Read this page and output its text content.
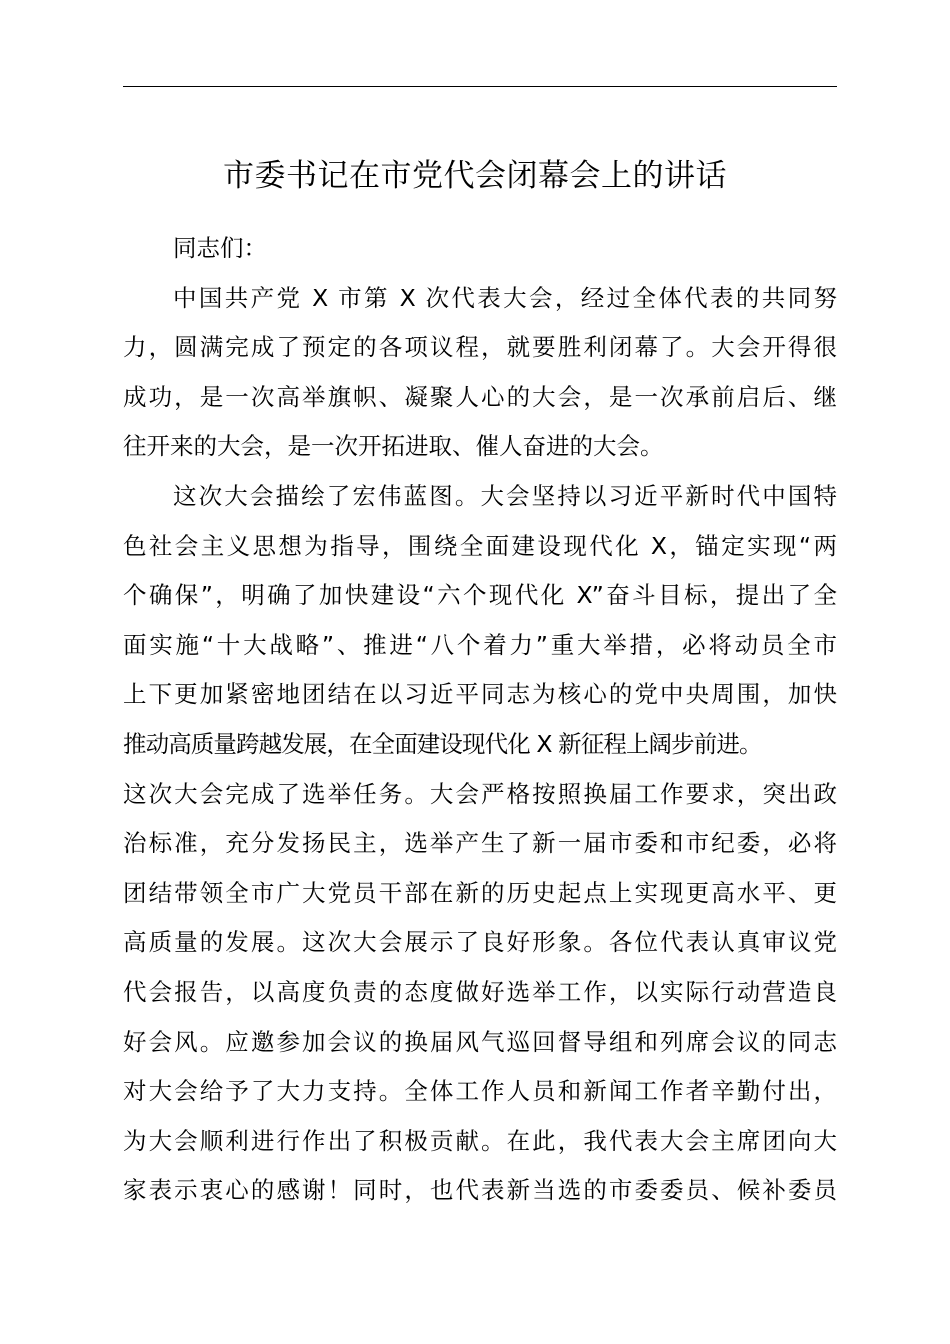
市委书记在市党代会闭幕会上的讲话
同志们：
中国共产党 X 市第 X 次代表大会，经过全体代表的共同努
力，圆满完成了预定的各项议程，就要胜利闭幕了。大会开得很
成功，是一次高举旗帜、凝聚人心的大会，是一次承前启后、继
往开来的大会，是一次开拓进取、催人奋进的大会。
这次大会描绘了宏伟蓝图。大会坚持以习近平新时代中国特
色社会主义思想为指导，围绕全面建设现代化 X，锚定实现“两
个确保”，明确了加快建设“六个现代化 X”奋斗目标，提出了全
面实施“十大战略”、推进“八个着力”重大举措，必将动员全市
上下更加紧密地团结在以习近平同志为核心的党中央周围，加快
推动高质量跨越发展，在全面建设现代化 X 新征程上阔步前进。
这次大会完成了选举任务。大会严格按照换届工作要求，突出政
治标准，充分发扬民主，选举产生了新一届市委和市纪委，必将
团结带领全市广大党员干部在新的历史起点上实现更高水平、更
高质量的发展。这次大会展示了良好形象。各位代表认真审议党
代会报告，以高度负责的态度做好选举工作，以实际行动营造良
好会风。应邀参加会议的换届风气巡回督导组和列席会议的同志
对大会给予了大力支持。全体工作人员和新闻工作者辛勤付出，
为大会顺利进行作出了积极贡献。在此，我代表大会主席团向大
家表示衷心的感谢！同时，也代表新当选的市委委员、候补委员
